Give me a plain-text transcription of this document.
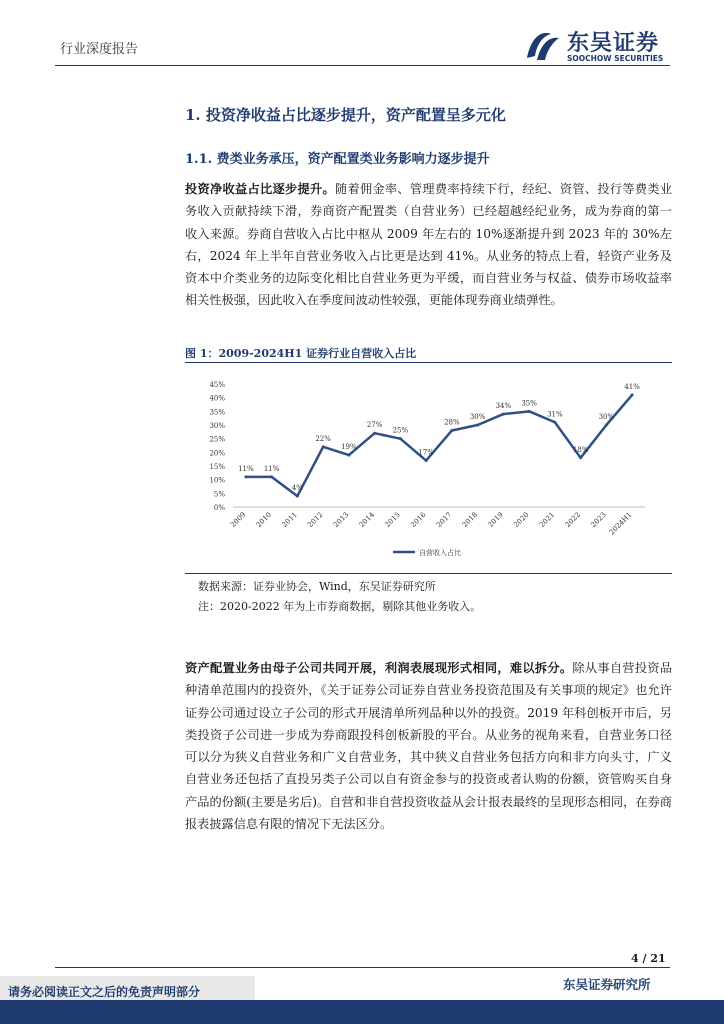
行业深度报告	东吴证券
SOOCHOW SECURITIES
1. 投资净收益占比逐步提升，资产配置呈多元化
1.1. 费类业务承压，资产配置类业务影响力逐步提升
投资净收益占比逐步提升。随着佣金率、管理费率持续下行，经纪、资管、投行等费类业务收入贡献持续下滑，券商资产配置类（自营业务）已经超越经纪业务，成为券商的第一收入来源。券商自营收入占比中枢从 2009 年左右的 10%逐渐提升到 2023 年的 30%左右，2024 年上半年自营业务收入占比更是达到 41%。从业务的特点上看，轻资产业务及资本中介类业务的边际变化相比自营业务更为平缓，而自营业务与权益、债券市场收益率相关性极强，因此收入在季度间波动性较强，更能体现券商业绩弹性。
图 1：2009-2024H1 证券行业自营收入占比
0%
5%
10%
15%
20%
25%
30%
35%
40%
45%
2009 2010 2011 2012 2013 2014 2015 2016 2017 2018 2019 2020 2021 2022 2023 2024H1
11% 11%
4%
22%
19%
27%
25%
17%
28%
30%
34% 35%
31%
18%
30%
41%
自营收入占比
数据来源：证券业协会，Wind，东吴证券研究所
注：2020-2022 年为上市券商数据，剔除其他业务收入。
资产配置业务由母子公司共同开展，利润表展现形式相同，难以拆分。除从事自营投资品种清单范围内的投资外，《关于证券公司证券自营业务投资范围及有关事项的规定》也允许证券公司通过设立子公司的形式开展清单所列品种以外的投资。2019 年科创板开市后，另类投资子公司进一步成为券商跟投科创板新股的平台。从业务的视角来看，自营业务口径可以分为狭义自营业务和广义自营业务，其中狭义自营业务包括方向和非方向头寸，广义自营业务还包括了直投另类子公司以自有资金参与的投资或者认购的份额，资管购买自身产品的份额(主要是劣后)。自营和非自营投资收益从会计报表最终的呈现形态相同，在券商报表披露信息有限的情况下无法区分。
4 / 21
请务必阅读正文之后的免责声明部分	东吴证券研究所
